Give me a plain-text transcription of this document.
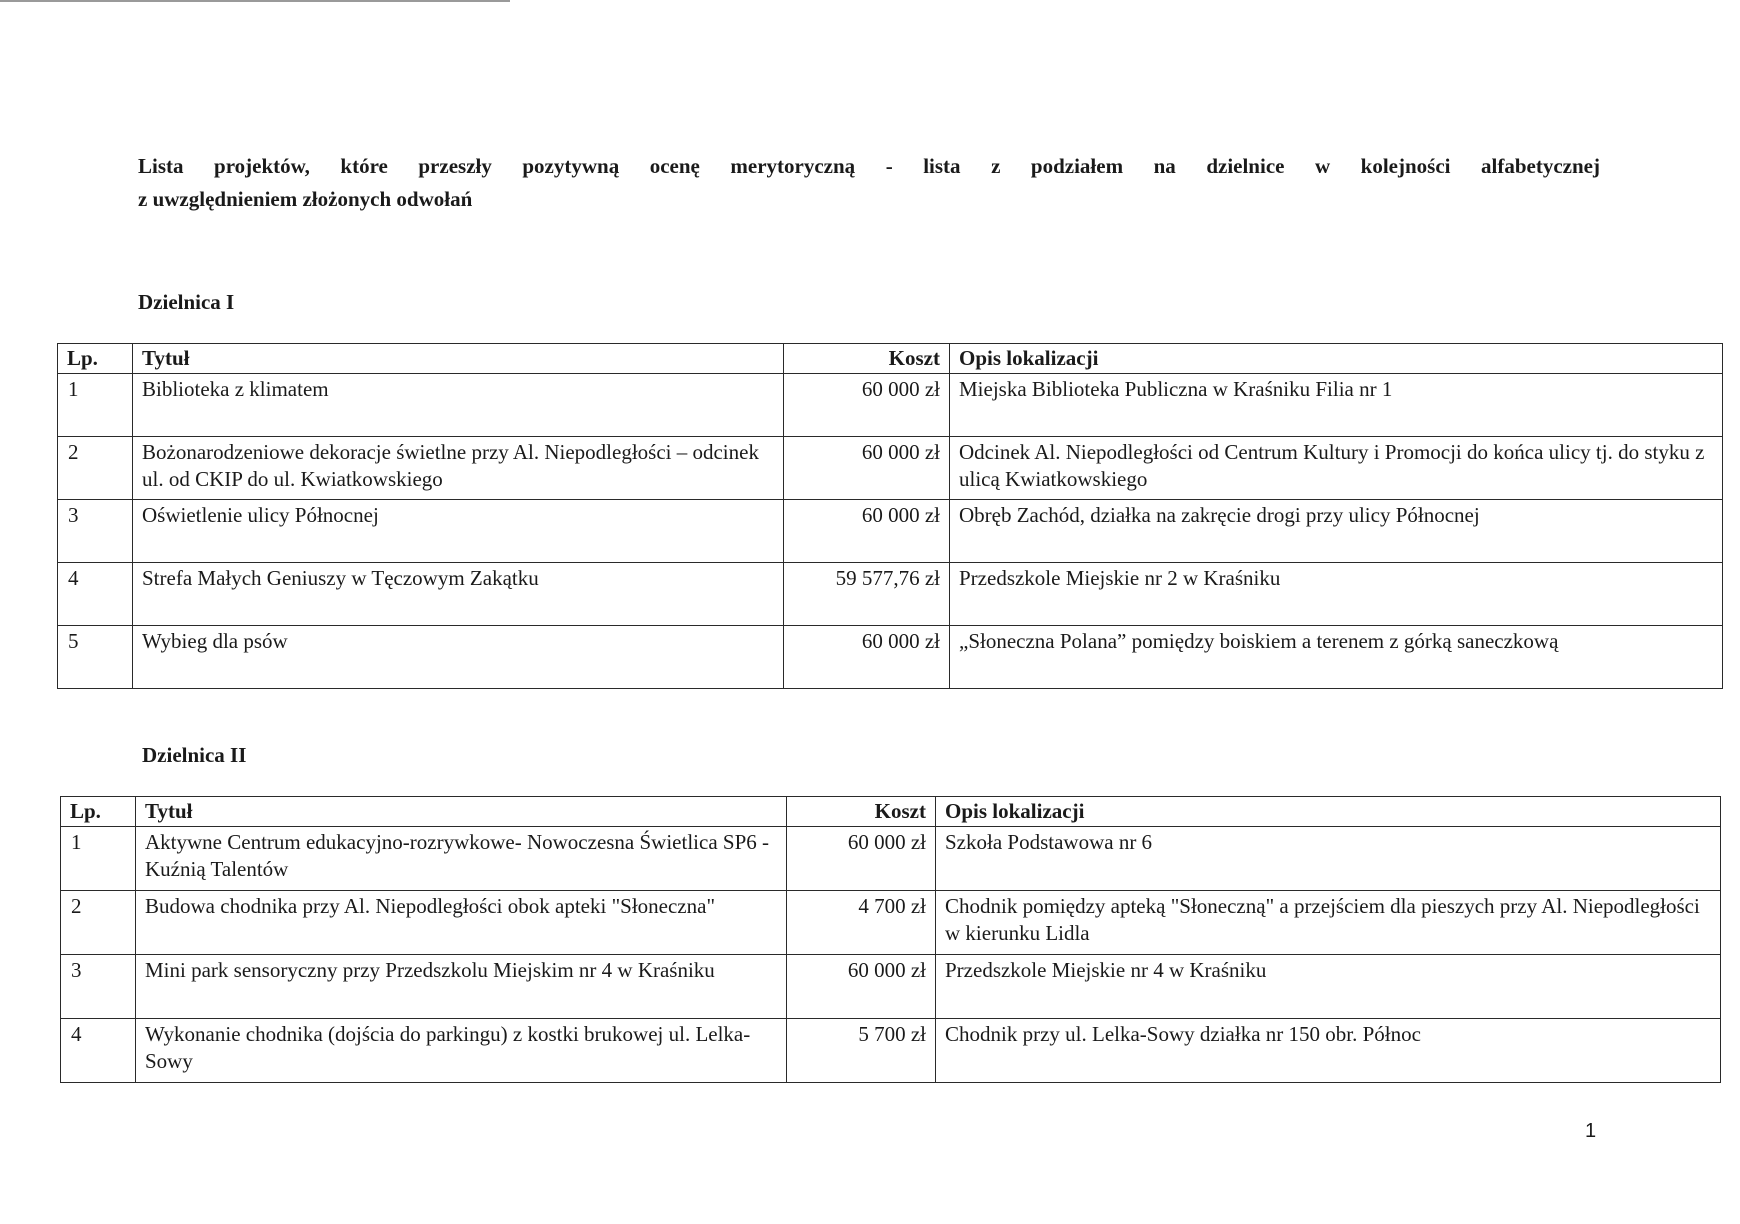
Lista projektów, które przeszły pozytywną ocenę merytoryczną - lista z podziałem na dzielnice w kolejności alfabetycznej
z uwzględnieniem złożonych odwołań
Dzielnica I
Lp.	Tytuł	Koszt	Opis lokalizacji
1	Biblioteka z klimatem	60 000 zł	Miejska Biblioteka Publiczna w Kraśniku Filia nr 1
2	Bożonarodzeniowe dekoracje świetlne przy Al. Niepodległości – odcinek ul. od CKIP do ul. Kwiatkowskiego	60 000 zł	Odcinek Al. Niepodległości od Centrum Kultury i Promocji do końca ulicy tj. do styku z ulicą Kwiatkowskiego
3	Oświetlenie ulicy Północnej	60 000 zł	Obręb Zachód, działka na zakręcie drogi przy ulicy Północnej
4	Strefa Małych Geniuszy w Tęczowym Zakątku	59 577,76 zł	Przedszkole Miejskie nr 2 w Kraśniku
5	Wybieg dla psów	60 000 zł	„Słoneczna Polana” pomiędzy boiskiem a terenem z górką saneczkową
Dzielnica II
Lp.	Tytuł	Koszt	Opis lokalizacji
1	Aktywne Centrum edukacyjno-rozrywkowe- Nowoczesna Świetlica SP6 - Kuźnią Talentów	60 000 zł	Szkoła Podstawowa nr 6
2	Budowa chodnika przy Al. Niepodległości obok apteki "Słoneczna"	4 700 zł	Chodnik pomiędzy apteką "Słoneczną" a przejściem dla pieszych przy Al. Niepodległości w kierunku Lidla
3	Mini park sensoryczny przy Przedszkolu Miejskim nr 4 w Kraśniku	60 000 zł	Przedszkole Miejskie nr 4 w Kraśniku
4	Wykonanie chodnika (dojścia do parkingu) z kostki brukowej ul. Lelka-Sowy	5 700 zł	Chodnik przy ul. Lelka-Sowy działka nr 150 obr. Północ
1
